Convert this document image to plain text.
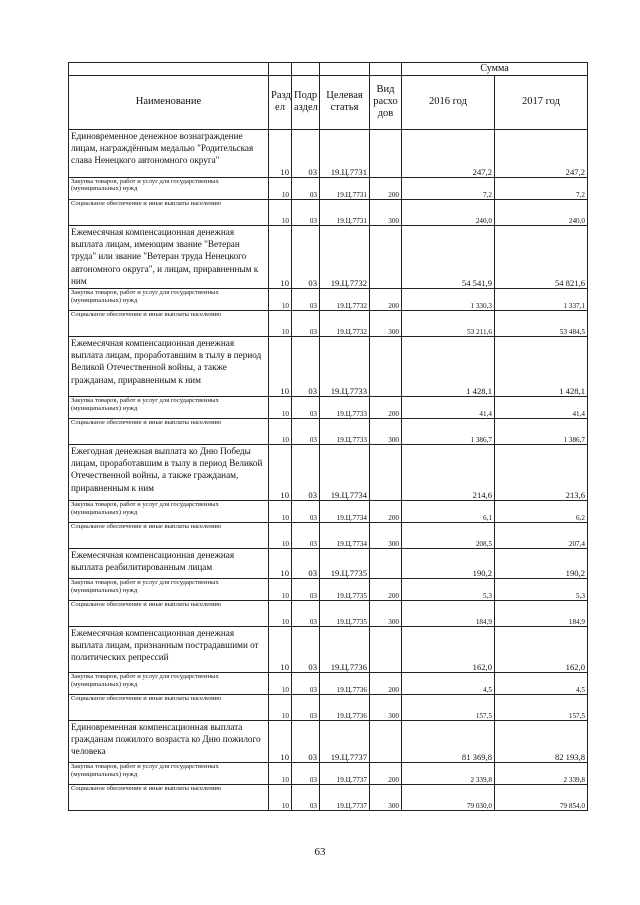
					Сумма	
Наименование	Разд ел	Подр аздел	Целевая статья	Вид расхо дов	2016 год	2017 год
Единовременное денежное вознаграждение лицам, награждённым медалью "Родительская слава Ненецкого автономного округа"	10	03	19.Ц.7731		247,2	247,2
Закупка товаров, работ и услуг для государственных (муниципальных) нужд	10	03	19.Ц.7731	200	7,2	7,2
Социальное обеспечение и иные выплаты населению	10	03	19.Ц.7731	300	240,0	240,0
Ежемесячная компенсационная денежная выплата лицам, имеющим звание "Ветеран труда" или звание "Ветеран труда Ненецкого автономного округа", и лицам, приравненным к ним	10	03	19.Ц.7732		54 541,9	54 821,6
Закупка товаров, работ и услуг для государственных (муниципальных) нужд	10	03	19.Ц.7732	200	1 330,3	1 337,1
Социальное обеспечение и иные выплаты населению	10	03	19.Ц.7732	300	53 211,6	53 484,5
Ежемесячная компенсационная денежная выплата лицам, проработавшим в тылу в период Великой Отечественной войны, а также гражданам, приравненным к ним	10	03	19.Ц.7733		1 428,1	1 428,1
Закупка товаров, работ и услуг для государственных (муниципальных) нужд	10	03	19.Ц.7733	200	41,4	41,4
Социальное обеспечение и иные выплаты населению	10	03	19.Ц.7733	300	1 386,7	1 386,7
Ежегодная денежная выплата ко Дню Победы лицам, проработавшим в тылу в период Великой Отечественной войны, а также гражданам, приравненным к ним	10	03	19.Ц.7734		214,6	213,6
Закупка товаров, работ и услуг для государственных (муниципальных) нужд	10	03	19.Ц.7734	200	6,1	6,2
Социальное обеспечение и иные выплаты населению	10	03	19.Ц.7734	300	208,5	207,4
Ежемесячная компенсационная денежная выплата реабилитированным лицам	10	03	19.Ц.7735		190,2	190,2
Закупка товаров, работ и услуг для государственных (муниципальных) нужд	10	03	19.Ц.7735	200	5,3	5,3
Социальное обеспечение и иные выплаты населению	10	03	19.Ц.7735	300	184,9	184,9
Ежемесячная компенсационная денежная выплата лицам, признанным пострадавшими от политических репрессий	10	03	19.Ц.7736		162,0	162,0
Закупка товаров, работ и услуг для государственных (муниципальных) нужд	10	03	19.Ц.7736	200	4,5	4,5
Социальное обеспечение и иные выплаты населению	10	03	19.Ц.7736	300	157,5	157,5
Единовременная компенсационная выплата гражданам пожилого возраста ко Дню пожилого человека	10	03	19.Ц.7737		81 369,8	82 193,8
Закупка товаров, работ и услуг для государственных (муниципальных) нужд	10	03	19.Ц.7737	200	2 339,8	2 339,8
Социальное обеспечение и иные выплаты населению	10	03	19.Ц.7737	300	79 030,0	79 854,0
63
